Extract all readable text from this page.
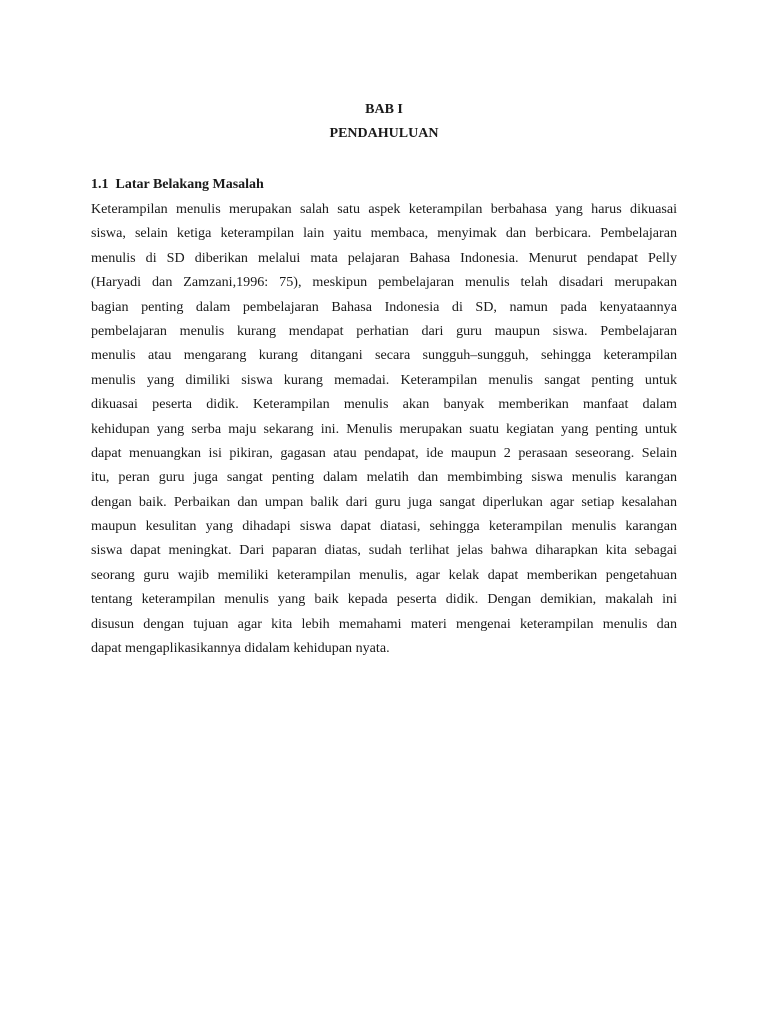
BAB I
PENDAHULUAN
1.1  Latar Belakang Masalah
Keterampilan menulis merupakan salah satu aspek keterampilan berbahasa yang harus dikuasai
siswa, selain ketiga keterampilan lain yaitu membaca, menyimak dan berbicara. Pembelajaran
menulis di SD diberikan melalui mata pelajaran Bahasa Indonesia. Menurut pendapat Pelly
(Haryadi dan Zamzani,1996: 75), meskipun pembelajaran menulis telah disadari merupakan
bagian penting dalam pembelajaran Bahasa Indonesia di SD, namun pada kenyataannya
pembelajaran menulis kurang mendapat perhatian dari guru maupun siswa. Pembelajaran
menulis atau mengarang kurang ditangani secara sungguh–sungguh, sehingga keterampilan
menulis yang dimiliki siswa kurang memadai. Keterampilan menulis sangat penting untuk
dikuasai peserta didik. Keterampilan menulis akan banyak memberikan manfaat dalam
kehidupan yang serba maju sekarang ini. Menulis merupakan suatu kegiatan yang penting untuk
dapat menuangkan isi pikiran, gagasan atau pendapat, ide maupun 2 perasaan seseorang. Selain
itu, peran guru juga sangat penting dalam melatih dan membimbing siswa menulis karangan
dengan baik. Perbaikan dan umpan balik dari guru juga sangat diperlukan agar setiap kesalahan
maupun kesulitan yang dihadapi siswa dapat diatasi, sehingga keterampilan menulis karangan
siswa dapat meningkat. Dari paparan diatas, sudah terlihat jelas bahwa diharapkan kita sebagai
seorang guru wajib memiliki keterampilan menulis, agar kelak dapat memberikan pengetahuan
tentang keterampilan menulis yang baik kepada peserta didik. Dengan demikian, makalah ini
disusun dengan tujuan agar kita lebih memahami materi mengenai keterampilan menulis dan
dapat mengaplikasikannya didalam kehidupan nyata.
